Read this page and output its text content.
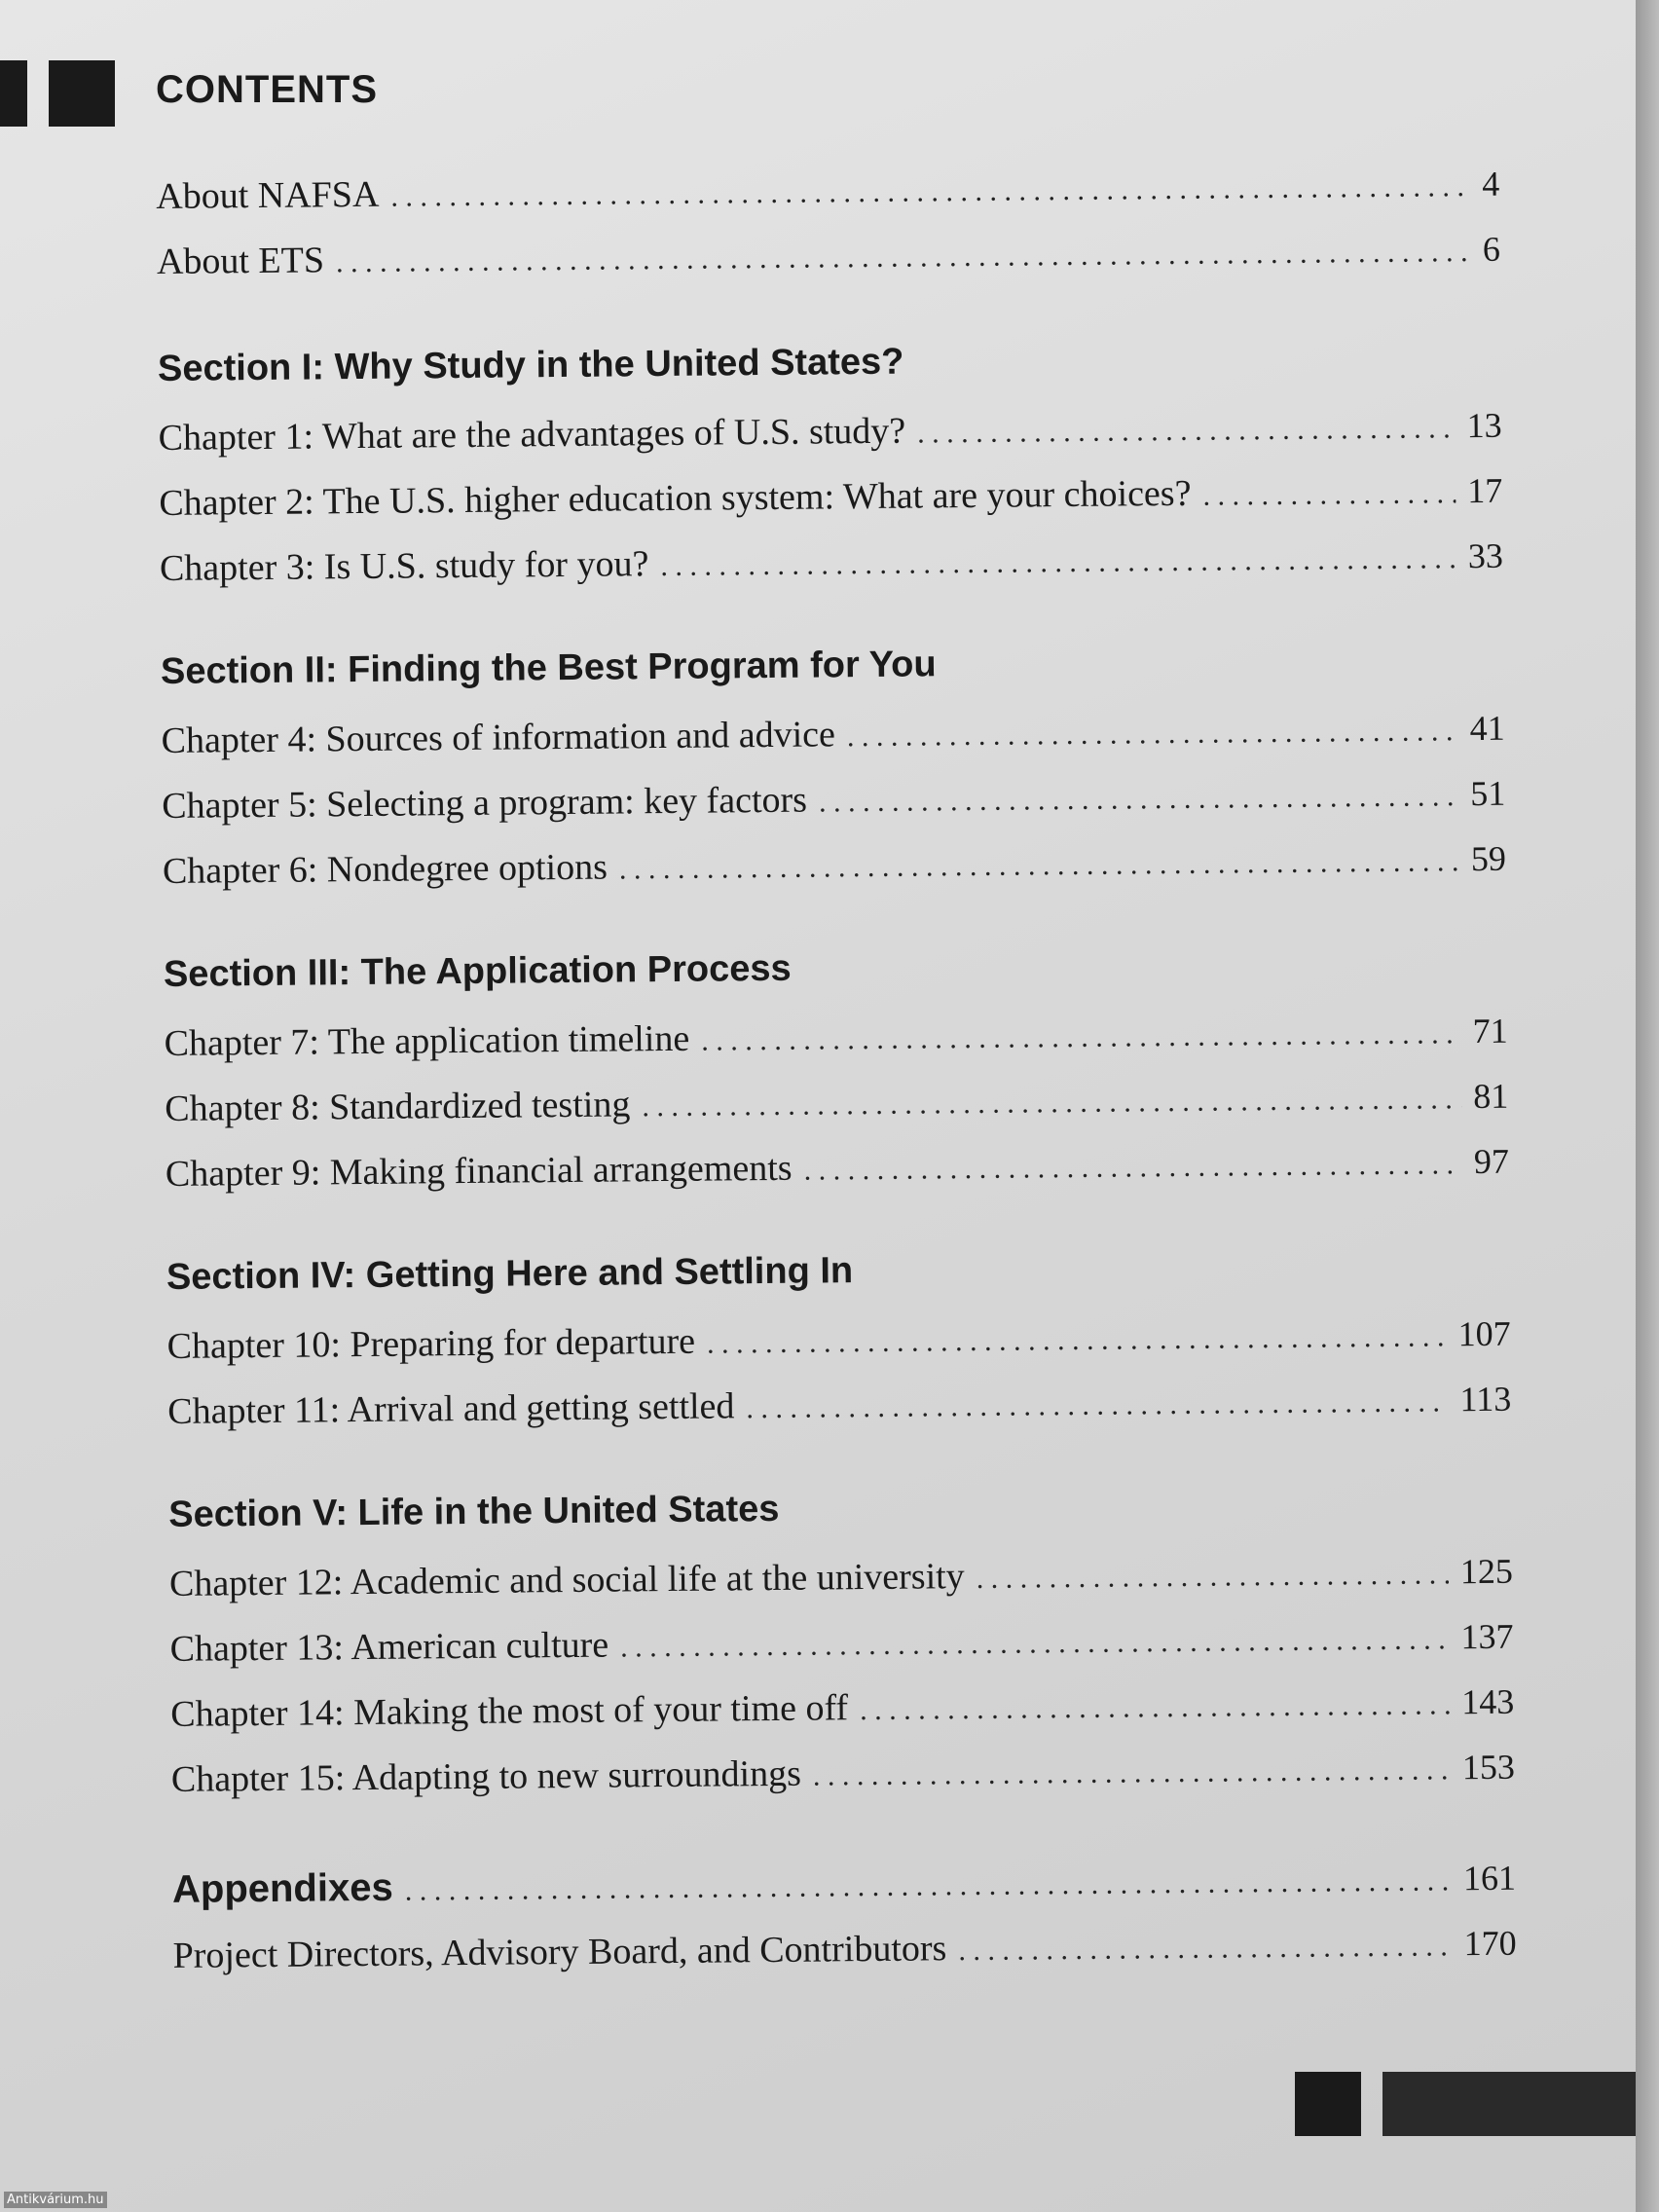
CONTENTS
About NAFSA . . .	4
About ETS . . .	6
Section I: Why Study in the United States?
Chapter 1: What are the advantages of U.S. study? . . .	13
Chapter 2: The U.S. higher education system: What are your choices? . . .	17
Chapter 3: Is U.S. study for you? . . .	33
Section II: Finding the Best Program for You
Chapter 4: Sources of information and advice . . .	41
Chapter 5: Selecting a program: key factors . . .	51
Chapter 6: Nondegree options . . .	59
Section III: The Application Process
Chapter 7: The application timeline . . .	71
Chapter 8: Standardized testing . . .	81
Chapter 9: Making financial arrangements . . .	97
Section IV: Getting Here and Settling In
Chapter 10: Preparing for departure . . .	107
Chapter 11: Arrival and getting settled . . .	113
Section V: Life in the United States
Chapter 12: Academic and social life at the university . . .	125
Chapter 13: American culture . . .	137
Chapter 14: Making the most of your time off . . .	143
Chapter 15: Adapting to new surroundings . . .	153
Appendixes . . .	161
Project Directors, Advisory Board, and Contributors . . .	170
Antikvárium.hu
